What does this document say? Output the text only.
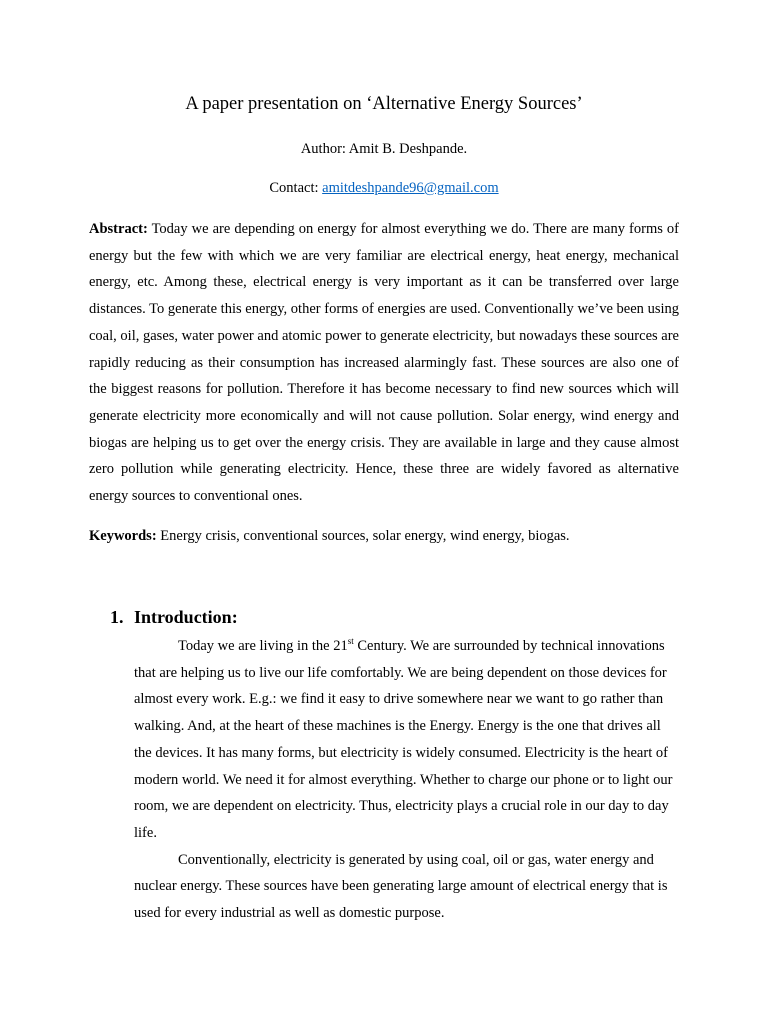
A paper presentation on ‘Alternative Energy Sources’
Author: Amit B. Deshpande.
Contact: amitdeshpande96@gmail.com

Abstract: Today we are depending on energy for almost everything we do. There are many forms of energy but the few with which we are very familiar are electrical energy, heat energy, mechanical energy, etc. Among these, electrical energy is very important as it can be transferred over large distances. To generate this energy, other forms of energies are used. Conventionally we’ve been using coal, oil, gases, water power and atomic power to generate electricity, but nowadays these sources are rapidly reducing as their consumption has increased alarmingly fast. These sources are also one of the biggest reasons for pollution. Therefore it has become necessary to find new sources which will generate electricity more economically and will not cause pollution. Solar energy, wind energy and biogas are helping us to get over the energy crisis. They are available in large and they cause almost zero pollution while generating electricity. Hence, these three are widely favored as alternative energy sources to conventional ones.

Keywords: Energy crisis, conventional sources, solar energy, wind energy, biogas.

1. Introduction:

Today we are living in the 21st Century. We are surrounded by technical innovations that are helping us to live our life comfortably. We are being dependent on those devices for almost every work. E.g.: we find it easy to drive somewhere near we want to go rather than walking. And, at the heart of these machines is the Energy. Energy is the one that drives all the devices. It has many forms, but electricity is widely consumed. Electricity is the heart of modern world. We need it for almost everything. Whether to charge our phone or to light our room, we are dependent on electricity. Thus, electricity plays a crucial role in our day to day life.

Conventionally, electricity is generated by using coal, oil or gas, water energy and nuclear energy. These sources have been generating large amount of electrical energy that is used for every industrial as well as domestic purpose.
